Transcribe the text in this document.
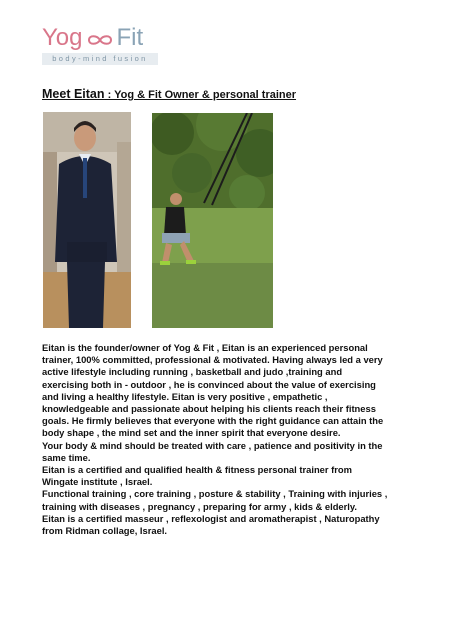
Yog Fit
body-mind fusion
Meet Eitan : Yog & Fit Owner & personal trainer

Eitan is the founder/owner of Yog & Fit , Eitan is an experienced personal

trainer, 100% committed, professional & motivated. Having always led a very

active lifestyle including running , basketball and judo ,training and

exercising both in - outdoor , he is convinced about the value of exercising

and living a healthy lifestyle. Eitan is very positive , empathetic ,

knowledgeable and passionate about helping his clients reach their fitness

goals. He firmly believes that everyone with the right guidance can attain the

body shape , the mind set and the inner spirit that everyone desire.

Your body & mind should be treated with care , patience and positivity in the

same time.

Eitan is a certified and qualified health & fitness personal trainer from

Wingate institute , Israel.

Functional training , core training , posture & stability , Training with injuries ,

training with diseases , pregnancy , preparing for army , kids & elderly.

Eitan is a certified masseur , reflexologist and aromatherapist , Naturopathy

from Ridman collage, Israel.
